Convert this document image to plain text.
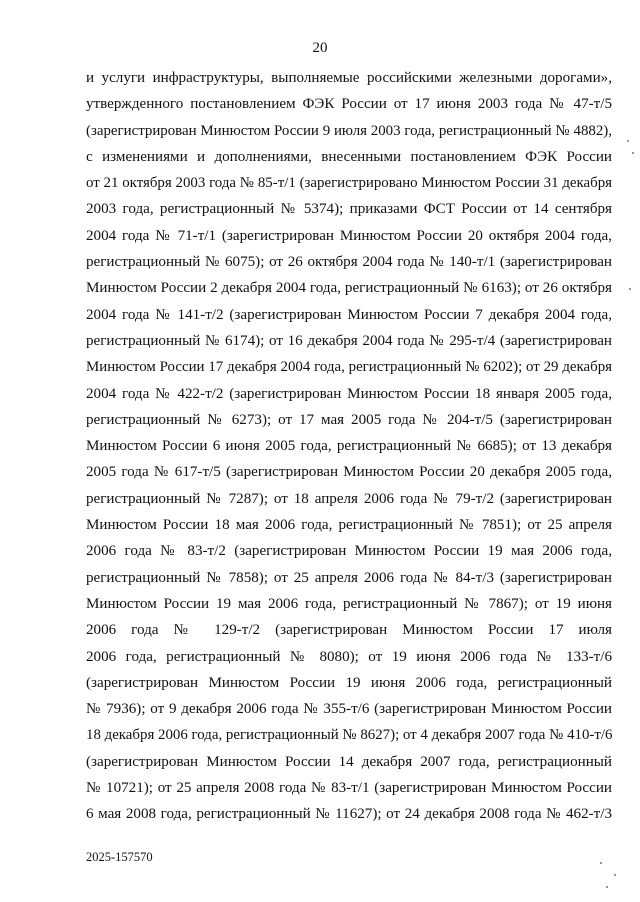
20
и услуги инфраструктуры, выполняемые российскими железными дорогами»,
утвержденного постановлением ФЭК России от 17 июня 2003 года № 47-т/5
(зарегистрирован Минюстом России 9 июля 2003 года, регистрационный № 4882),
с изменениями и дополнениями, внесенными постановлением ФЭК России
от 21 октября 2003 года № 85-т/1 (зарегистрировано Минюстом России 31 декабря
2003 года, регистрационный № 5374); приказами ФСТ России от 14 сентября
2004 года № 71-т/1 (зарегистрирован Минюстом России 20 октября 2004 года,
регистрационный № 6075); от 26 октября 2004 года № 140-т/1 (зарегистрирован
Минюстом России 2 декабря 2004 года, регистрационный № 6163); от 26 октября
2004 года № 141-т/2 (зарегистрирован Минюстом России 7 декабря 2004 года,
регистрационный № 6174); от 16 декабря 2004 года № 295-т/4 (зарегистрирован
Минюстом России 17 декабря 2004 года, регистрационный № 6202); от 29 декабря
2004 года № 422-т/2 (зарегистрирован Минюстом России 18 января 2005 года,
регистрационный № 6273); от 17 мая 2005 года № 204-т/5 (зарегистрирован
Минюстом России 6 июня 2005 года, регистрационный № 6685); от 13 декабря
2005 года № 617-т/5 (зарегистрирован Минюстом России 20 декабря 2005 года,
регистрационный № 7287); от 18 апреля 2006 года № 79-т/2 (зарегистрирован
Минюстом России 18 мая 2006 года, регистрационный № 7851); от 25 апреля
2006 года № 83-т/2 (зарегистрирован Минюстом России 19 мая 2006 года,
регистрационный № 7858); от 25 апреля 2006 года № 84-т/3 (зарегистрирован
Минюстом России 19 мая 2006 года, регистрационный № 7867); от 19 июня
2006 года № 129-т/2 (зарегистрирован Минюстом России 17 июля
2006 года, регистрационный № 8080); от 19 июня 2006 года № 133-т/6
(зарегистрирован Минюстом России 19 июня 2006 года, регистрационный
№ 7936); от 9 декабря 2006 года № 355-т/6 (зарегистрирован Минюстом России
18 декабря 2006 года, регистрационный № 8627); от 4 декабря 2007 года № 410-т/6
(зарегистрирован Минюстом России 14 декабря 2007 года, регистрационный
№ 10721); от 25 апреля 2008 года № 83-т/1 (зарегистрирован Минюстом России
6 мая 2008 года, регистрационный № 11627); от 24 декабря 2008 года № 462-т/3
2025-157570
